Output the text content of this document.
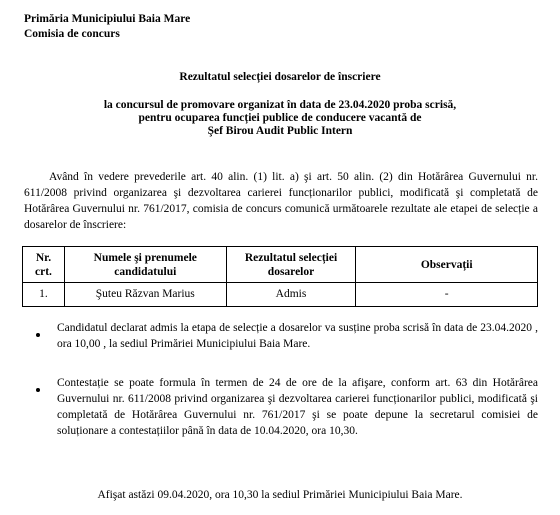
Primăria Municipiului Baia Mare
Comisia de concurs
Rezultatul selecției dosarelor de înscriere
la concursul de promovare organizat în data de 23.04.2020 proba scrisă,
pentru ocuparea funcției publice de conducere vacantă de
Şef Birou Audit Public Intern
Având în vedere prevederile art. 40 alin. (1) lit. a) şi art. 50 alin. (2) din Hotărârea Guvernului nr. 611/2008 privind organizarea şi dezvoltarea carierei funcționarilor publici, modificată şi completată de Hotărârea Guvernului nr. 761/2017, comisia de concurs comunică următoarele rezultate ale etapei de selecție a dosarelor de înscriere:
Nr. crt.	Numele şi prenumele candidatului	Rezultatul selecției dosarelor	Observații
1.	Şuteu Răzvan Marius	Admis	-
Candidatul declarat admis la etapa de selecție a dosarelor va susține proba scrisă în data de 23.04.2020 , ora 10,00 , la sediul Primăriei Municipiului Baia Mare.
Contestație se poate formula în termen de 24 de ore de la afişare, conform art. 63 din Hotărârea Guvernului nr. 611/2008 privind organizarea şi dezvoltarea carierei funcționarilor publici, modificată şi completată de Hotărârea Guvernului nr. 761/2017 şi se poate depune la secretarul comisiei de soluționare a contestațiilor până în data de 10.04.2020, ora 10,30.
Afişat astăzi 09.04.2020, ora 10,30 la sediul Primăriei Municipiului Baia Mare.
